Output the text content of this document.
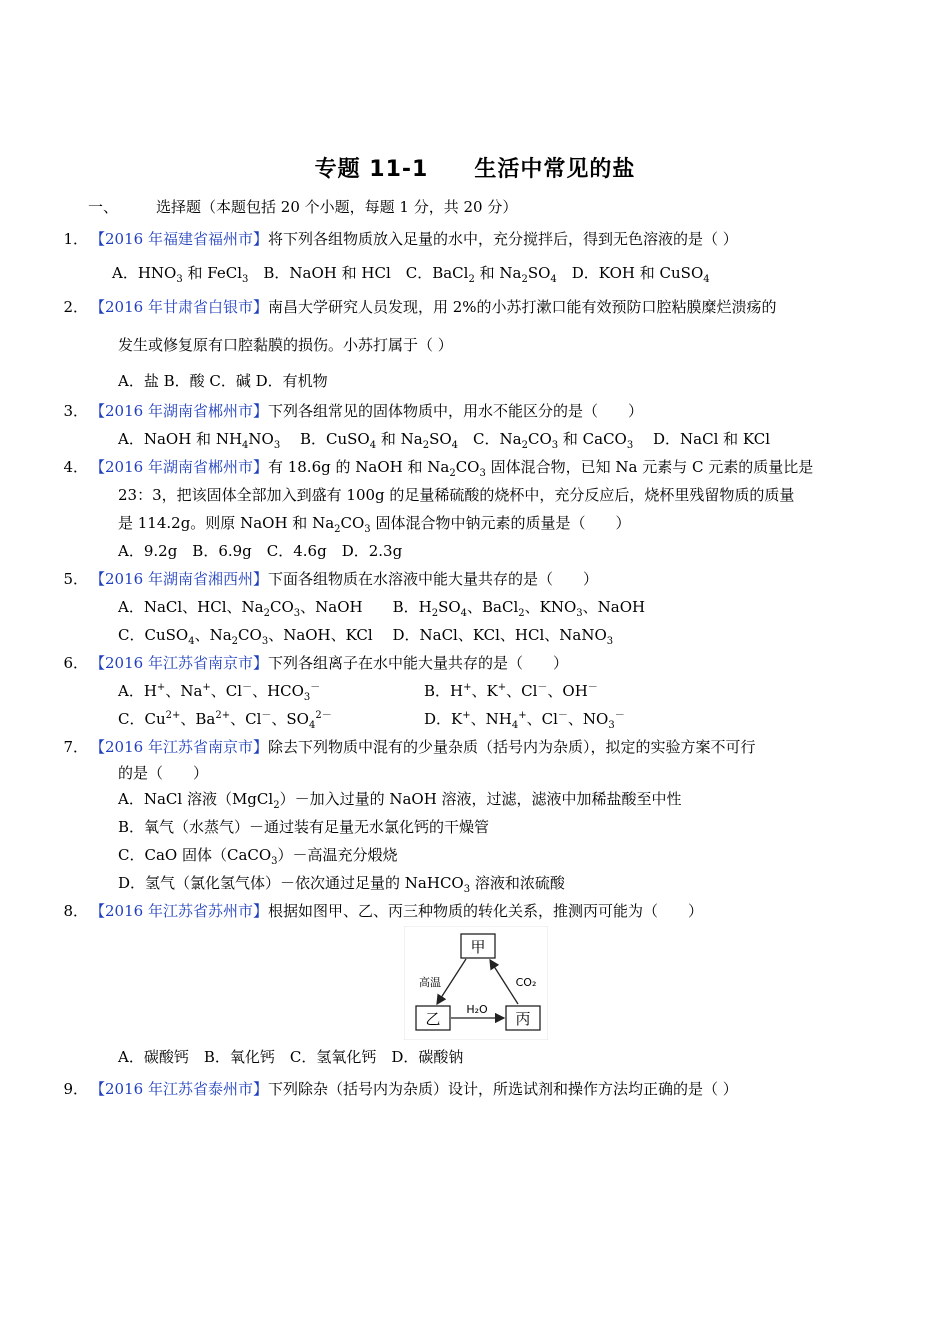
专题 11-1 生活中常见的盐
一、	选择题（本题包括 20 个小题，每题 1 分，共 20 分）
1． 【2016 年福建省福州市】将下列各组物质放入足量的水中，充分搅拌后，得到无色溶液的是（ ）
A．$HNO_3$ 和 FeCl$_3$　B．NaOH 和 HCl　C．BaCl$_2$ 和 $Na_2SO_4$　D．KOH 和 CuSO$_4$
2． 【2016 年甘肃省白银市】南昌大学研究人员发现，用 2%的小苏打漱口能有效预防口腔粘膜糜烂溃疡的
发生或修复原有口腔黏膜的损伤。小苏打属于（ ）
A．盐 B．酸 C．碱 D．有机物
3． 【2016 年湖南省郴州市】下列各组常见的固体物质中，用水不能区分的是（　　）
A．NaOH 和 $NH_4NO_3$　 B．CuSO$_4$ 和 $Na_2SO_4$　C．$Na_2CO_3$ 和 CaCO$_3$　 D．NaCl 和 KCl
4． 【2016 年湖南省郴州市】有 18.6g 的 NaOH 和 $Na_2CO_3$ 固体混合物，已知 Na 元素与 C 元素的质量比是
23：3，把该固体全部加入到盛有 100g 的足量稀硫酸的烧杯中，充分反应后，烧杯里残留物质的质量
是 114.2g。则原 NaOH 和 $Na_2CO_3$ 固体混合物中钠元素的质量是（　　）
A．9.2g　B．6.9g　C．4.6g　D．2.3g
5． 【2016 年湖南省湘西州】下面各组物质在水溶液中能大量共存的是（　　）
A．NaCl、HCl、$Na_2CO_3$、NaOH　　B．$H_2SO_4$、BaCl$_2$、$KNO_3$、NaOH
C．CuSO$_4$、$Na_2CO_3$、NaOH、KCl　 D．NaCl、KCl、HCl、NaNO$_3$
6． 【2016 年江苏省南京市】下列各组离子在水中能大量共存的是（　　）
A．H+、Na+、Cl－、$HCO_3^-$	B．H+、K+、Cl－、OH－
C．$Cu^{2+}$、$Ba^{2+}$、Cl－、$SO_4^{2-}$	D．K+、$NH_4^+$、Cl－、$NO_3^-$
7． 【2016 年江苏省南京市】除去下列物质中混有的少量杂质（括号内为杂质），拟定的实验方案不可行
的是（　　）
A．NaCl 溶液（MgCl$_2$）－加入过量的 NaOH 溶液，过滤，滤液中加稀盐酸至中性
B．氧气（水蒸气）－通过装有足量无水氯化钙的干燥管
C．CaO 固体（CaCO$_3$）－高温充分煅烧
D．氢气（氯化氢气体）－依次通过足量的 NaHCO$_3$ 溶液和浓硫酸
8． 【2016 年江苏省苏州市】根据如图甲、乙、丙三种物质的转化关系，推测丙可能为（　　）
甲
乙	丙
高温	CO₂
H₂O
A．碳酸钙　B．氧化钙　C．氢氧化钙　D．碳酸钠
9． 【2016 年江苏省泰州市】下列除杂（括号内为杂质）设计，所选试剂和操作方法均正确的是（ ）
